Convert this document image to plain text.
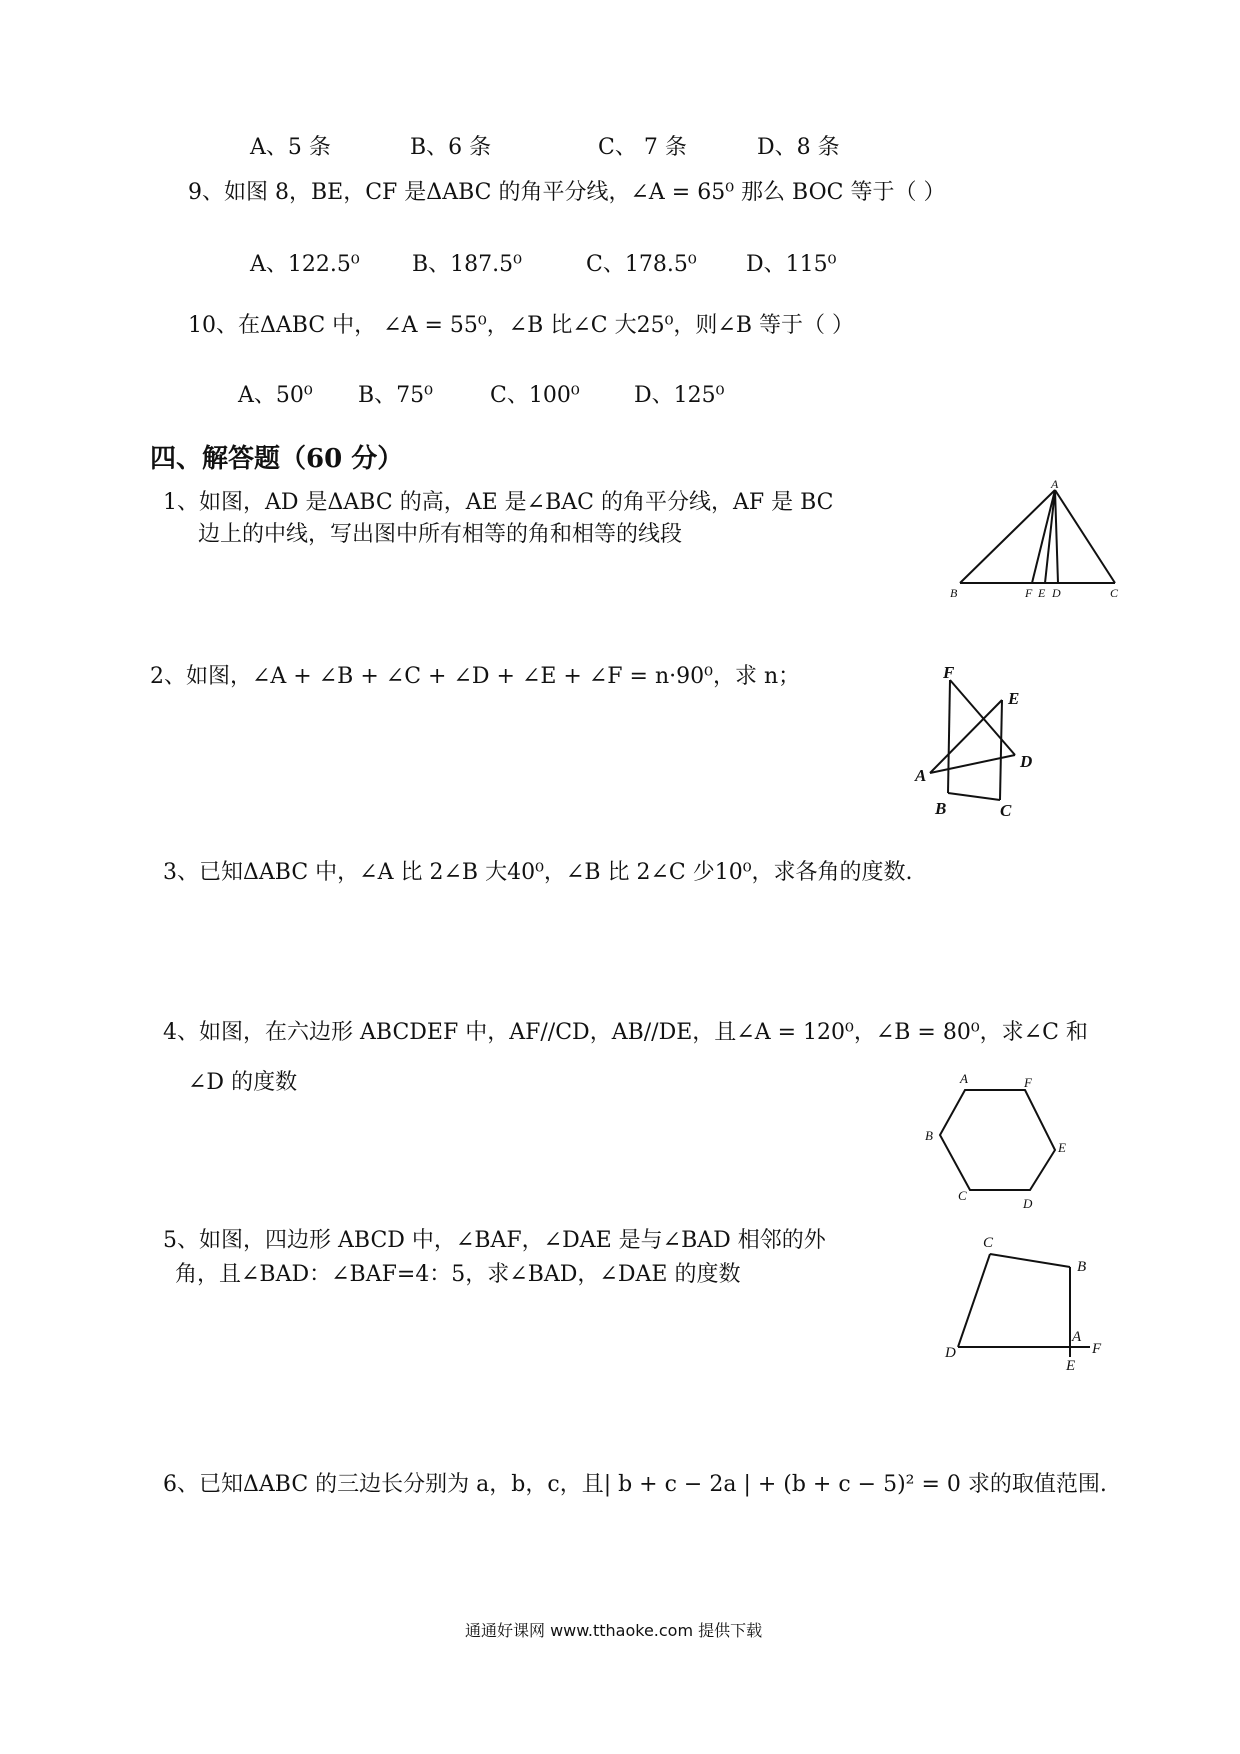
A、5 条	B、6 条	C、 7 条	D、8 条
9、如图 8，BE，CF 是ΔABC 的角平分线，∠A = 65⁰ 那么 BOC 等于（ ）
A、122.5⁰ B、187.5⁰	C、178.5⁰ D、115⁰
10、在ΔABC 中， ∠A = 55⁰，∠B 比∠C 大25⁰，则∠B 等于（ ）
A、50⁰ B、75⁰	C、100⁰ D、125⁰
四、解答题（60 分）
1、如图，AD 是ΔABC 的高，AE 是∠BAC 的角平分线，AF 是 BC
边上的中线，写出图中所有相等的角和相等的线段
A
B	F E D	C
2、如图，∠A + ∠B + ∠C + ∠D + ∠E + ∠F = n·90⁰，求 n；	F
E
A
D
B	C
3、已知ΔABC 中，∠A 比 2∠B 大40⁰，∠B 比 2∠C 少10⁰，求各角的度数.
4、如图，在六边形 ABCDEF 中，AF//CD，AB//DE，且∠A = 120⁰，∠B = 80⁰，求∠C 和
∠D 的度数	A	F
B
E
C
D
5、如图，四边形 ABCD 中，∠BAF，∠DAE 是与∠BAD 相邻的外
角，且∠BAD：∠BAF=4：5，求∠BAD，∠DAE 的度数
C
B
A
F
D
E
6、已知ΔABC 的三边长分别为 a，b，c，且| b + c − 2a | + (b + c − 5)² = 0 求的取值范围.
通通好课网 www.tthaoke.com 提供下载
